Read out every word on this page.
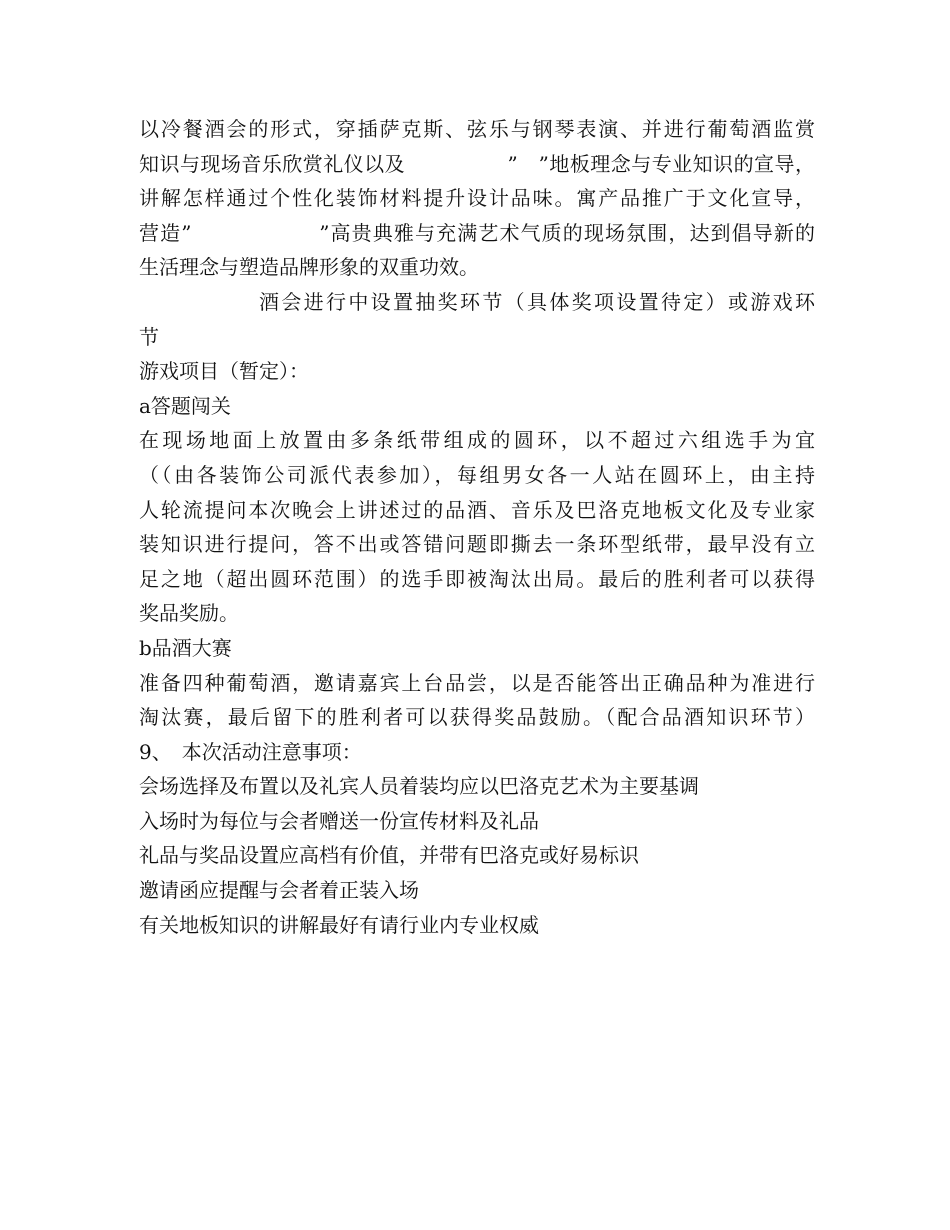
以冷餐酒会的形式，穿插萨克斯、弦乐与钢琴表演、并进行葡萄酒监赏
知识与现场音乐欣赏礼仪以及　　　　　”　”地板理念与专业知识的宣导，
讲解怎样通过个性化装饰材料提升设计品味。寓产品推广于文化宣导，
营造”　　　　　　”高贵典雅与充满艺术气质的现场氛围，达到倡导新的
生活理念与塑造品牌形象的双重功效。
酒会进行中设置抽奖环节（具体奖项设置待定）或游戏环
节
游戏项目（暂定）：
a答题闯关
在现场地面上放置由多条纸带组成的圆环，以不超过六组选手为宜
（（由各装饰公司派代表参加），每组男女各一人站在圆环上，由主持
人轮流提问本次晚会上讲述过的品酒、音乐及巴洛克地板文化及专业家
装知识进行提问，答不出或答错问题即撕去一条环型纸带，最早没有立
足之地（超出圆环范围）的选手即被淘汰出局。最后的胜利者可以获得
奖品奖励。
b品酒大赛
准备四种葡萄酒，邀请嘉宾上台品尝，以是否能答出正确品种为准进行
淘汰赛，最后留下的胜利者可以获得奖品鼓励。（配合品酒知识环节）
9、　本次活动注意事项：
会场选择及布置以及礼宾人员着装均应以巴洛克艺术为主要基调
入场时为每位与会者赠送一份宣传材料及礼品
礼品与奖品设置应高档有价值，并带有巴洛克或好易标识
邀请函应提醒与会者着正装入场
有关地板知识的讲解最好有请行业内专业权威
